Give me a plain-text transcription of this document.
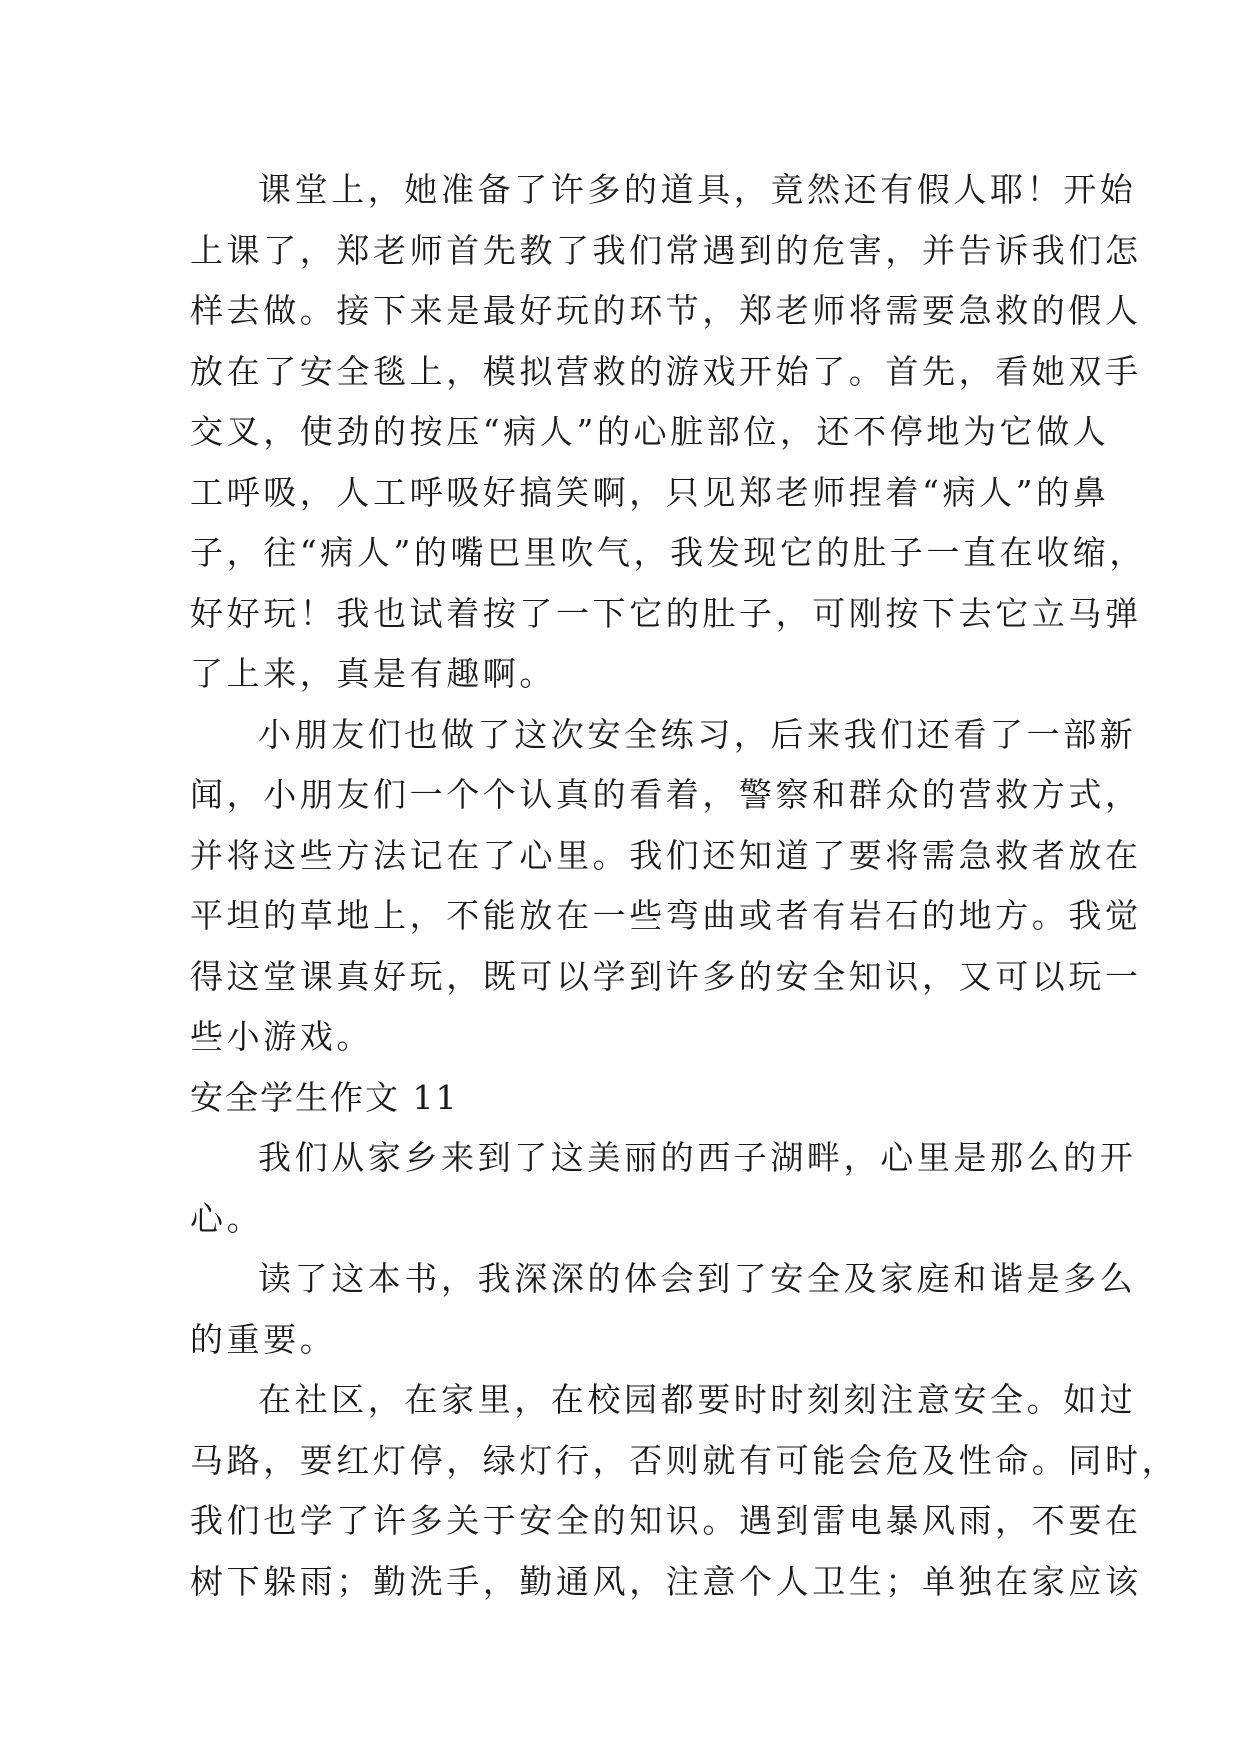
课堂上，她准备了许多的道具，竟然还有假人耶！开始
上课了，郑老师首先教了我们常遇到的危害，并告诉我们怎
样去做。接下来是最好玩的环节，郑老师将需要急救的假人
放在了安全毯上，模拟营救的游戏开始了。首先，看她双手
交叉，使劲的按压“病人”的心脏部位，还不停地为它做人
工呼吸，人工呼吸好搞笑啊，只见郑老师捏着“病人”的鼻
子，往“病人”的嘴巴里吹气，我发现它的肚子一直在收缩，
好好玩！我也试着按了一下它的肚子，可刚按下去它立马弹
了上来，真是有趣啊。
小朋友们也做了这次安全练习，后来我们还看了一部新
闻，小朋友们一个个认真的看着，警察和群众的营救方式，
并将这些方法记在了心里。我们还知道了要将需急救者放在
平坦的草地上，不能放在一些弯曲或者有岩石的地方。我觉
得这堂课真好玩，既可以学到许多的安全知识，又可以玩一
些小游戏。
安全学生作文 11
我们从家乡来到了这美丽的西子湖畔，心里是那么的开
心。
读了这本书，我深深的体会到了安全及家庭和谐是多么
的重要。
在社区，在家里，在校园都要时时刻刻注意安全。如过
马路，要红灯停，绿灯行，否则就有可能会危及性命。同时，
我们也学了许多关于安全的知识。遇到雷电暴风雨，不要在
树下躲雨；勤洗手，勤通风，注意个人卫生；单独在家应该
